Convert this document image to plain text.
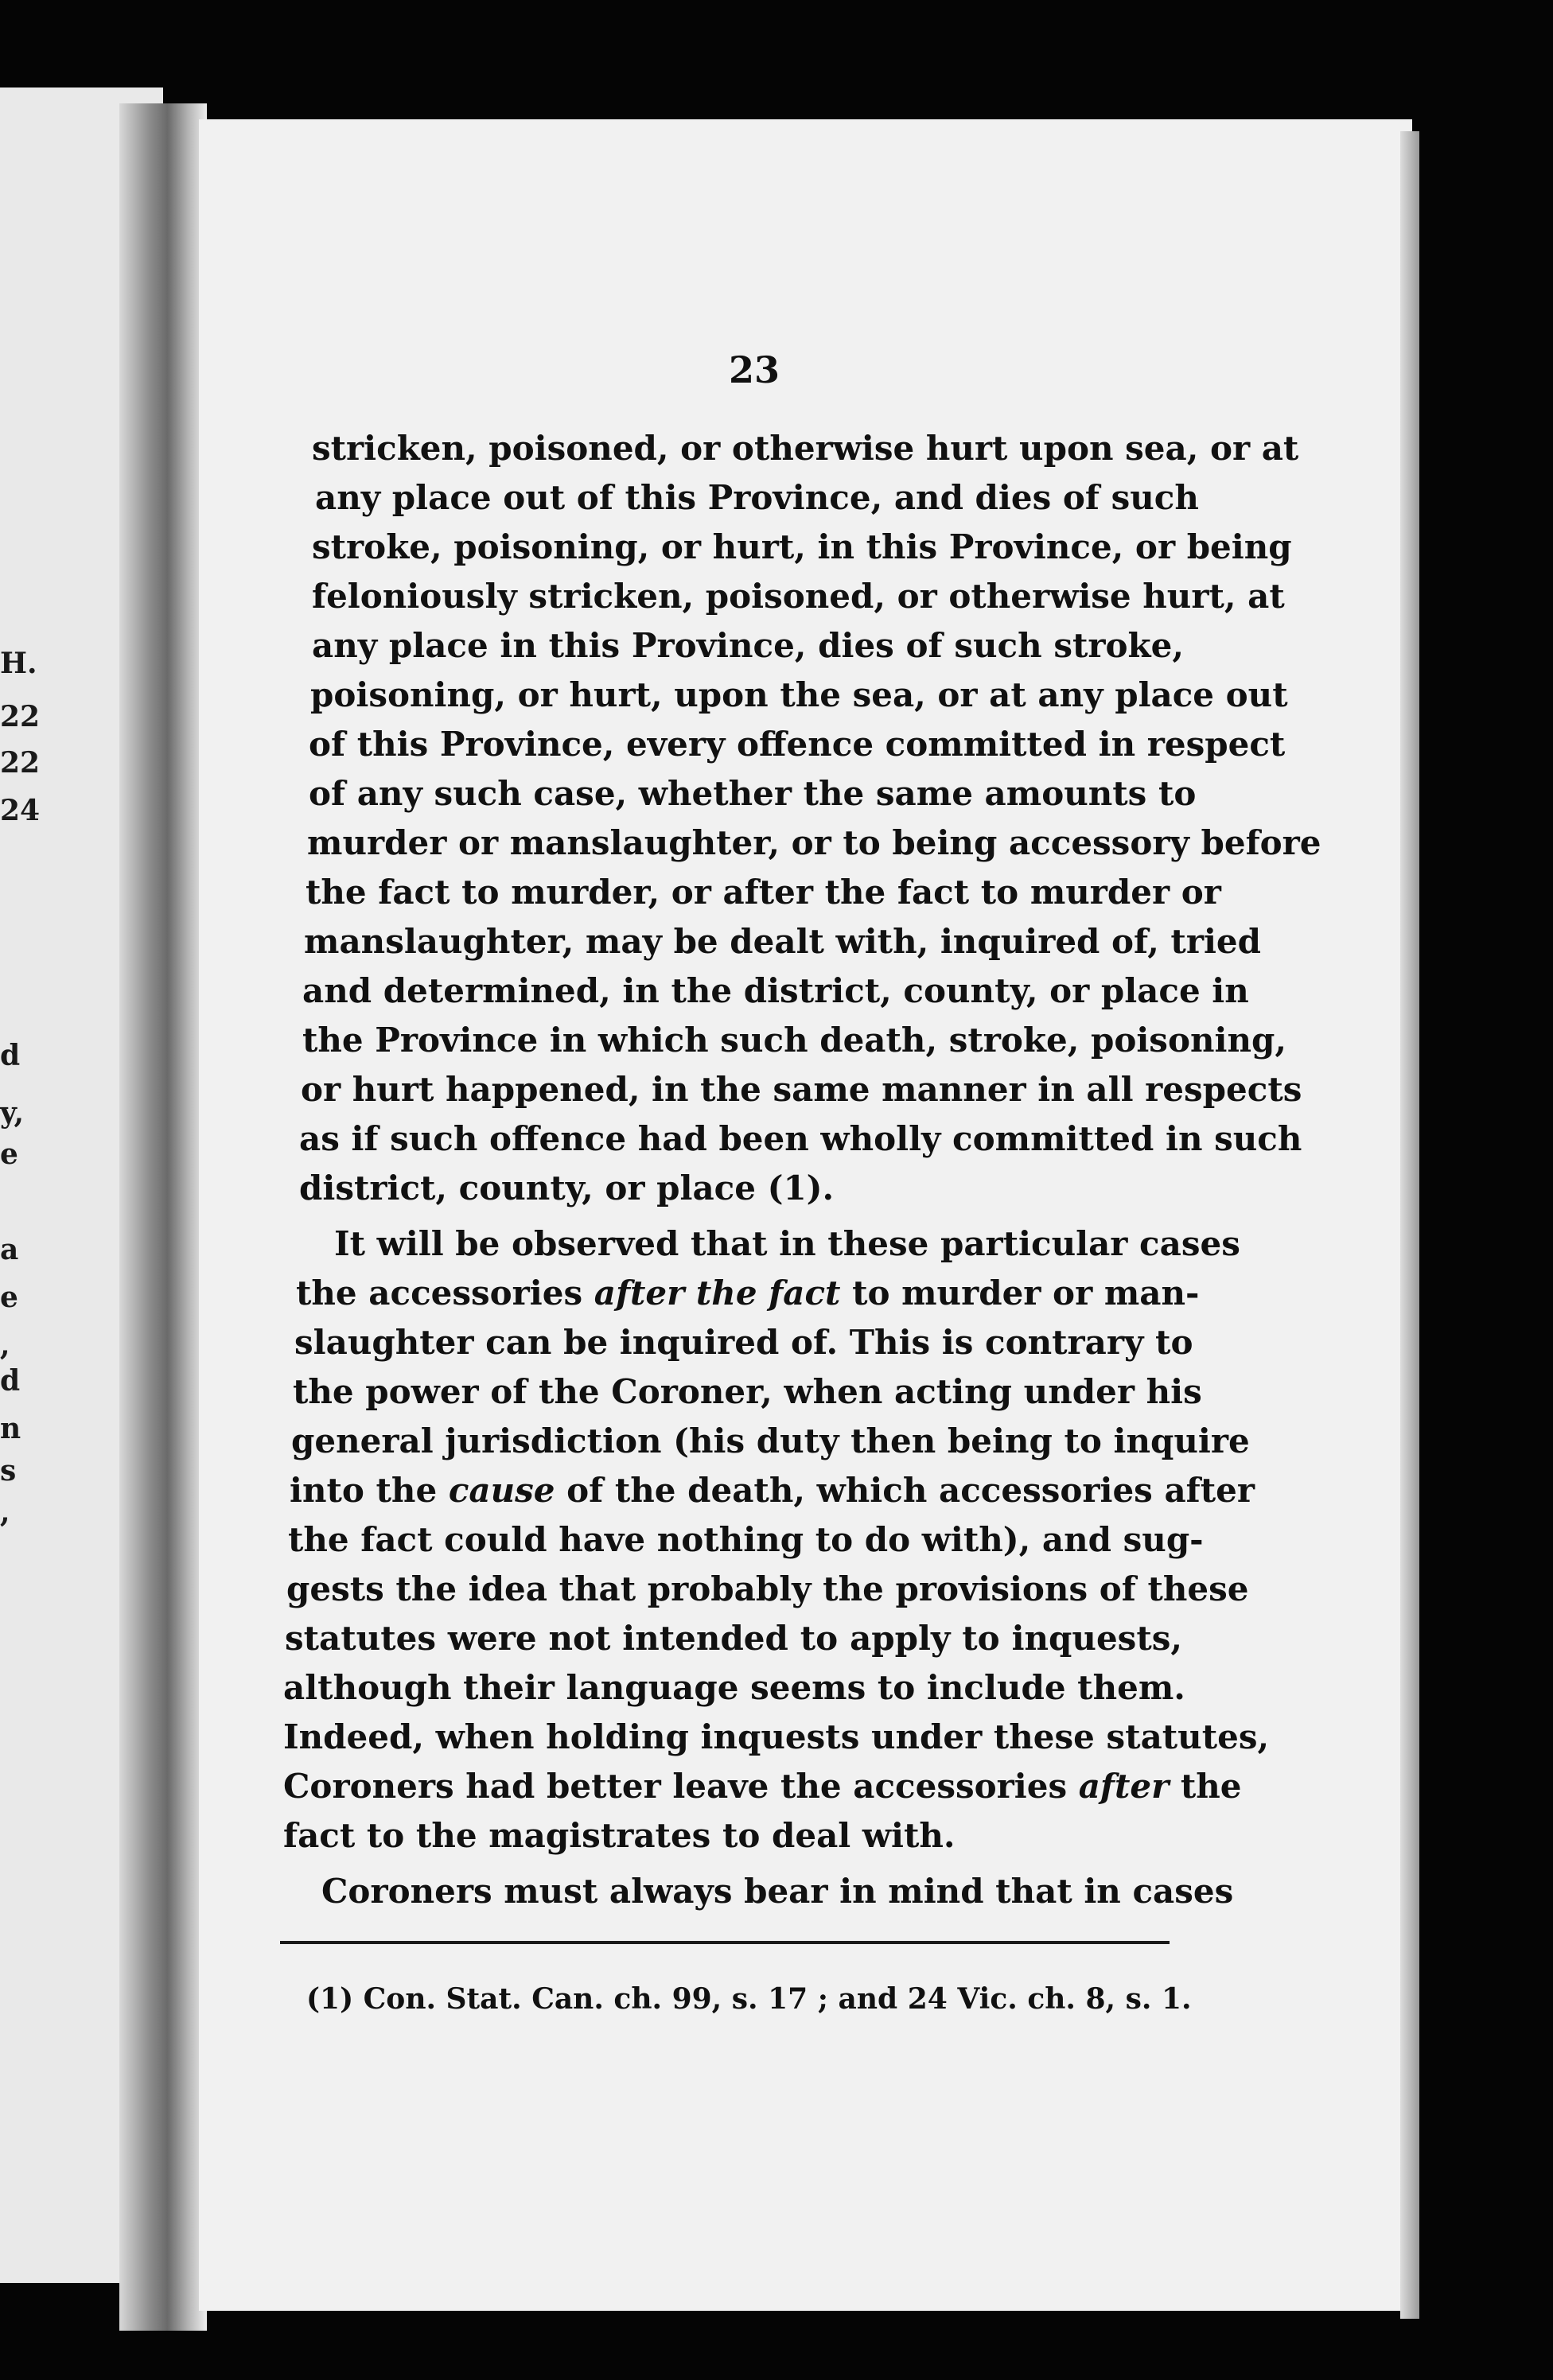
H.
22
22
24
d
y,
e
a
e
,
d
n
s
,
23
stricken, poisoned, or otherwise hurt upon sea, or at
any place out of this Province, and dies of such
stroke, poisoning, or hurt, in this Province, or being
feloniously stricken, poisoned, or otherwise hurt, at
any place in this Province, dies of such stroke,
poisoning, or hurt, upon the sea, or at any place out
of this Province, every offence committed in respect
of any such case, whether the same amounts to
murder or manslaughter, or to being accessory before
the fact to murder, or after the fact to murder or
manslaughter, may be dealt with, inquired of, tried
and determined, in the district, county, or place in
the Province in which such death, stroke, poisoning,
or hurt happened, in the same manner in all respects
as if such offence had been wholly committed in such
district, county, or place (1).
It will be observed that in these particular cases
the accessories after the fact to murder or man-
slaughter can be inquired of. This is contrary to
the power of the Coroner, when acting under his
general jurisdiction (his duty then being to inquire
into the cause of the death, which accessories after
the fact could have nothing to do with), and sug-
gests the idea that probably the provisions of these
statutes were not intended to apply to inquests,
although their language seems to include them.
Indeed, when holding inquests under these statutes,
Coroners had better leave the accessories after the
fact to the magistrates to deal with.
Coroners must always bear in mind that in cases
(1) Con. Stat. Can. ch. 99, s. 17 ; and 24 Vic. ch. 8, s. 1.
